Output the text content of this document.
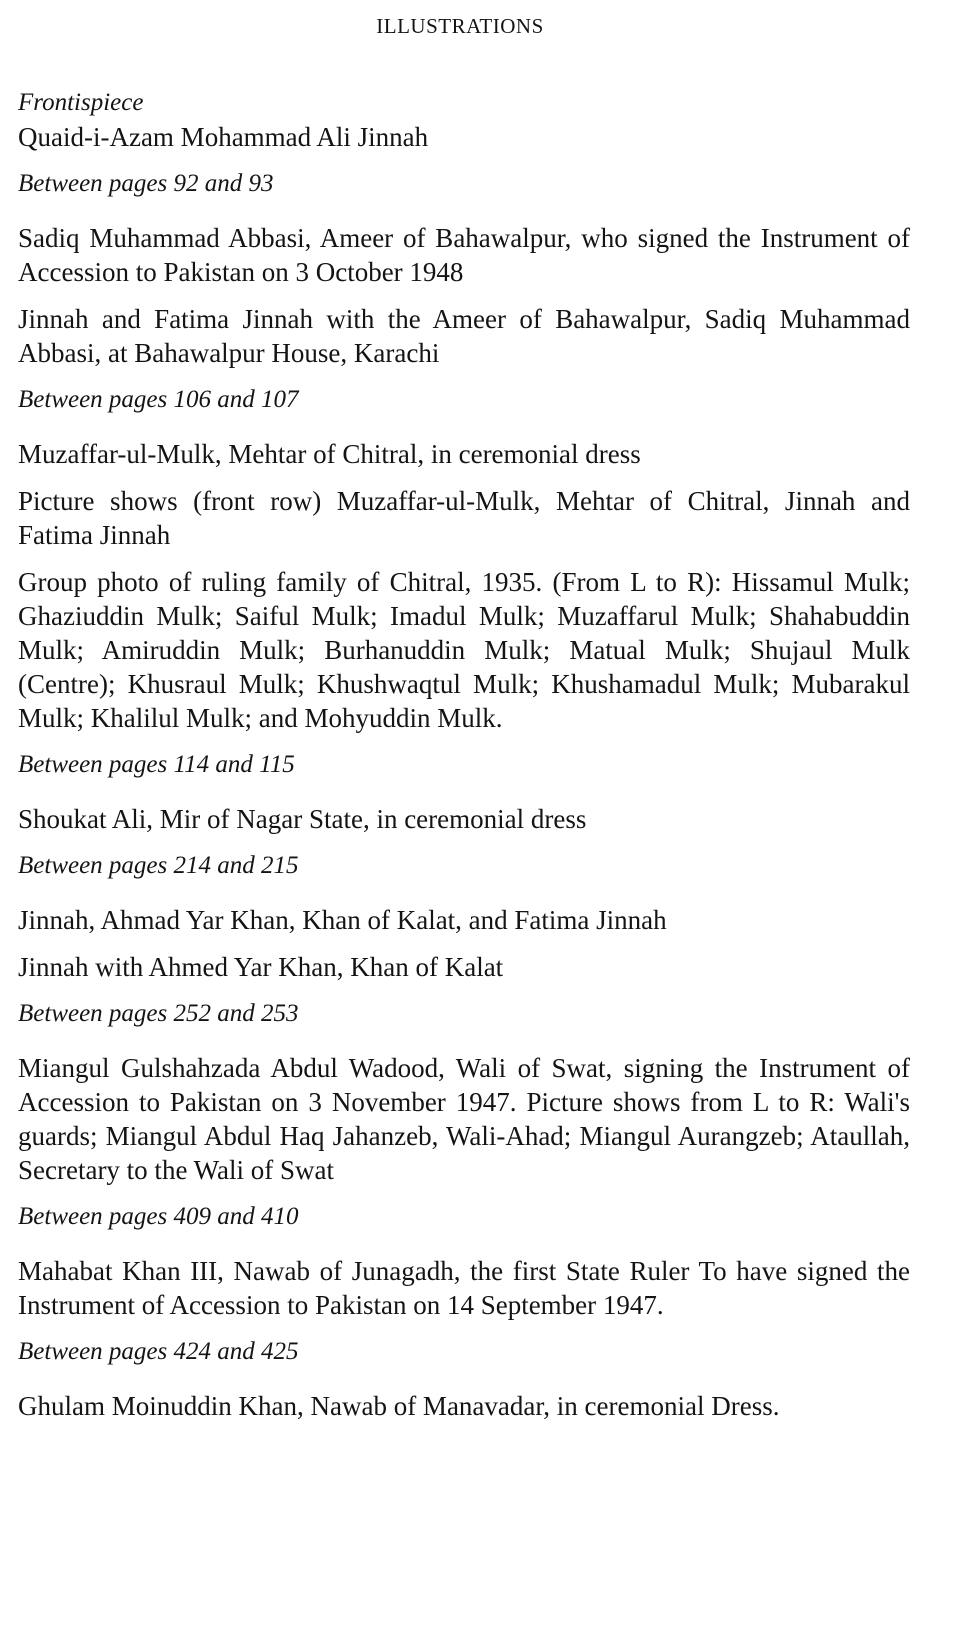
ILLUSTRATIONS

Frontispiece

Quaid-i-Azam Mohammad Ali Jinnah

Between pages 92 and 93

Sadiq Muhammad Abbasi, Ameer of Bahawalpur, who signed the Instrument of Accession to Pakistan on 3 October 1948

Jinnah and Fatima Jinnah with the Ameer of Bahawalpur, Sadiq Muhammad Abbasi, at Bahawalpur House, Karachi

Between pages 106 and 107

Muzaffar-ul-Mulk, Mehtar of Chitral, in ceremonial dress

Picture shows (front row) Muzaffar-ul-Mulk, Mehtar of Chitral, Jinnah and Fatima Jinnah

Group photo of ruling family of Chitral, 1935. (From L to R): Hissamul Mulk; Ghaziuddin Mulk; Saiful Mulk; Imadul Mulk; Muzaffarul Mulk; Shahabuddin Mulk; Amiruddin Mulk; Burhanuddin Mulk; Matual Mulk; Shujaul Mulk (Centre); Khusraul Mulk; Khushwaqtul Mulk; Khushamadul Mulk; Mubarakul Mulk; Khalilul Mulk; and Mohyuddin Mulk.

Between pages 114 and 115

Shoukat Ali, Mir of Nagar State, in ceremonial dress

Between pages 214 and 215

Jinnah, Ahmad Yar Khan, Khan of Kalat, and Fatima Jinnah

Jinnah with Ahmed Yar Khan, Khan of Kalat

Between pages 252 and 253

Miangul Gulshahzada Abdul Wadood, Wali of Swat, signing the Instrument of Accession to Pakistan on 3 November 1947. Picture shows from L to R: Wali's guards; Miangul Abdul Haq Jahanzeb, Wali-Ahad; Miangul Aurangzeb; Ataullah, Secretary to the Wali of Swat

Between pages 409 and 410

Mahabat Khan III, Nawab of Junagadh, the first State Ruler To have signed the Instrument of Accession to Pakistan on 14 September 1947.

Between pages 424 and 425

Ghulam Moinuddin Khan, Nawab of Manavadar, in ceremonial Dress.
